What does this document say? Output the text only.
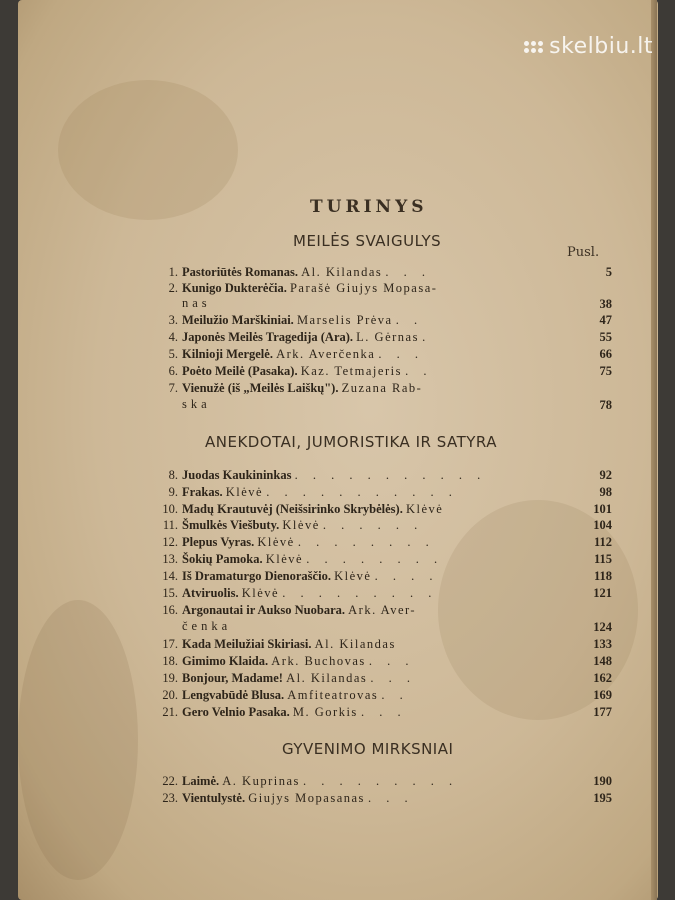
skelbiu.lt
TURINYS
MEILĖS SVAIGULYS
Pusl.
1. Pastoriūtės Romanas. Al. Kilandas . . .	5
2. Kunigo Dukterėčia. Parašė Giujys Mopasa-
nas	38
3. Meilužio Marškiniai. Marselis Prėva . .	47
4. Japonės Meilės Tragedija (Ara). L. Gėrnas .	55
5. Kilnioji Mergelė. Ark. Averčenka . . .	66
6. Poėto Meilė (Pasaka). Kaz. Tetmajeris . .	75
7. Vienužė (iš „Meilės Laiškų"). Zuzana Rab-
ska	78
ANEKDOTAI, JUMORISTIKA IR SATYRA
8. Juodas Kaukininkas . . . . . . . . . . .	92
9. Frakas. Klėvė . . . . . . . . . . .	98
10. Madų Krautuvėj (Neišsirinko Skrybėlės). Klėvė	101
11. Šmulkės Viešbuty. Klėvė . . . . . .	104
12. Plepus Vyras. Klėvė . . . . . . . .	112
13. Šokių Pamoka. Klėvė . . . . . . . .	115
14. Iš Dramaturgo Dienoraščio. Klėvė . . . .	118
15. Atviruolis. Klėvė . . . . . . . . .	121
16. Argonautai ir Aukso Nuobara. Ark. Aver-
čenka	124
17. Kada Meilužiai Skiriasi. Al. Kilandas	133
18. Gimimo Klaida. Ark. Buchovas . . .	148
19. Bonjour, Madame! Al. Kilandas . . .	162
20. Lengvabūdė Blusa. Amfiteatrovas . .	169
21. Gero Velnio Pasaka. M. Gorkis . . .	177
GYVENIMO MIRKSNIAI
22. Laimė. A. Kuprinas . . . . . . . . .	190
23. Vientulystė. Giujys Mopasanas . . .	195
